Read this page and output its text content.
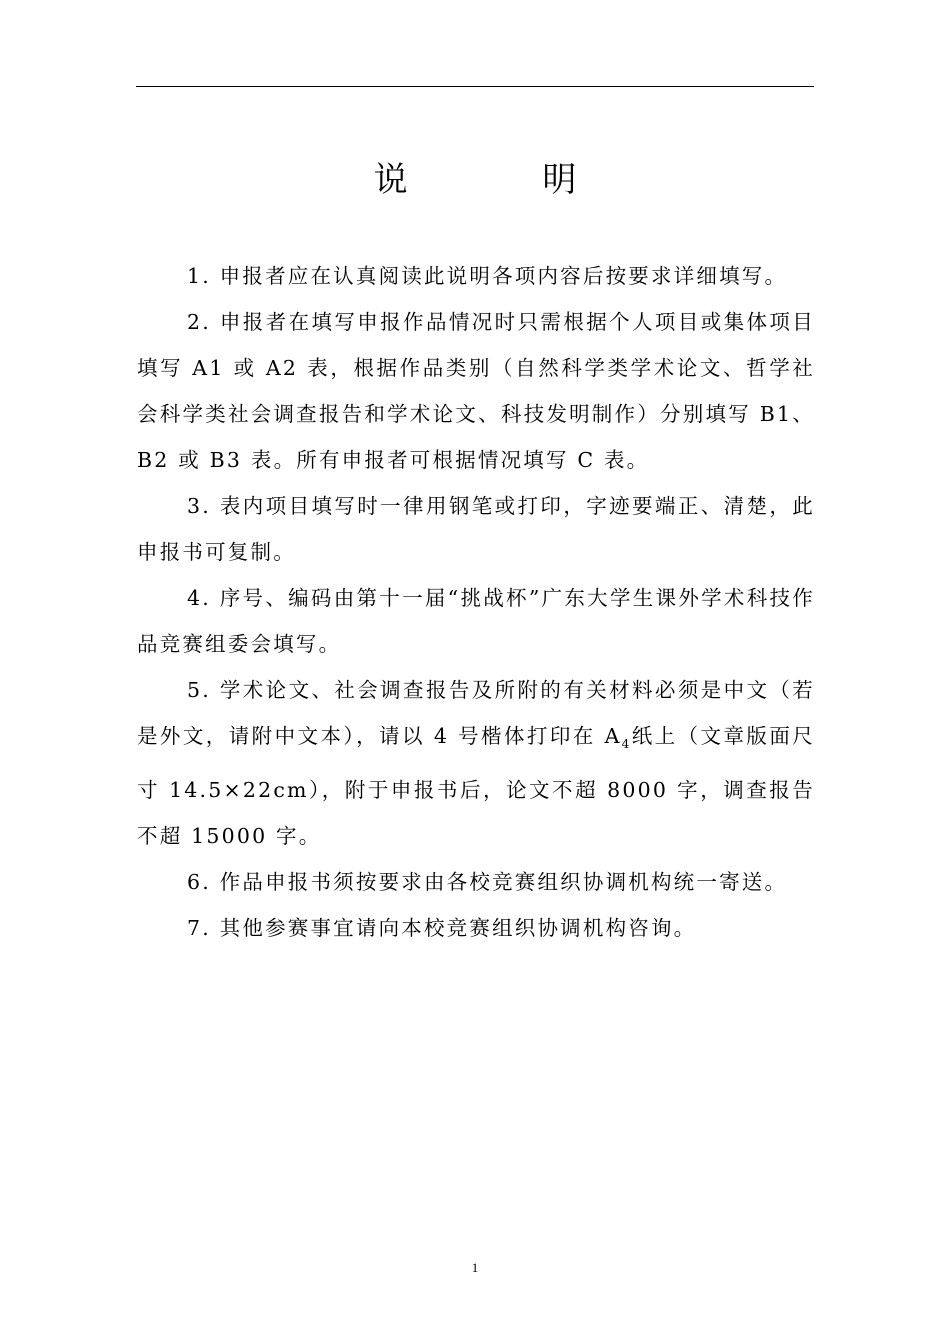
说 明

1. 申报者应在认真阅读此说明各项内容后按要求详细填写。

2. 申报者在填写申报作品情况时只需根据个人项目或集体项目填写 A1 或 A2 表，根据作品类别（自然科学类学术论文、哲学社会科学类社会调查报告和学术论文、科技发明制作）分别填写 B1、B2 或 B3 表。所有申报者可根据情况填写 C 表。

3. 表内项目填写时一律用钢笔或打印，字迹要端正、清楚，此申报书可复制。

4. 序号、编码由第十一届“挑战杯”广东大学生课外学术科技作品竞赛组委会填写。

5. 学术论文、社会调查报告及所附的有关材料必须是中文（若是外文，请附中文本），请以 4 号楷体打印在 $A_4$纸上（文章版面尺寸 14.5×22cm），附于申报书后，论文不超 8000 字，调查报告不超 15000 字。

6. 作品申报书须按要求由各校竞赛组织协调机构统一寄送。

7. 其他参赛事宜请向本校竞赛组织协调机构咨询。

1
